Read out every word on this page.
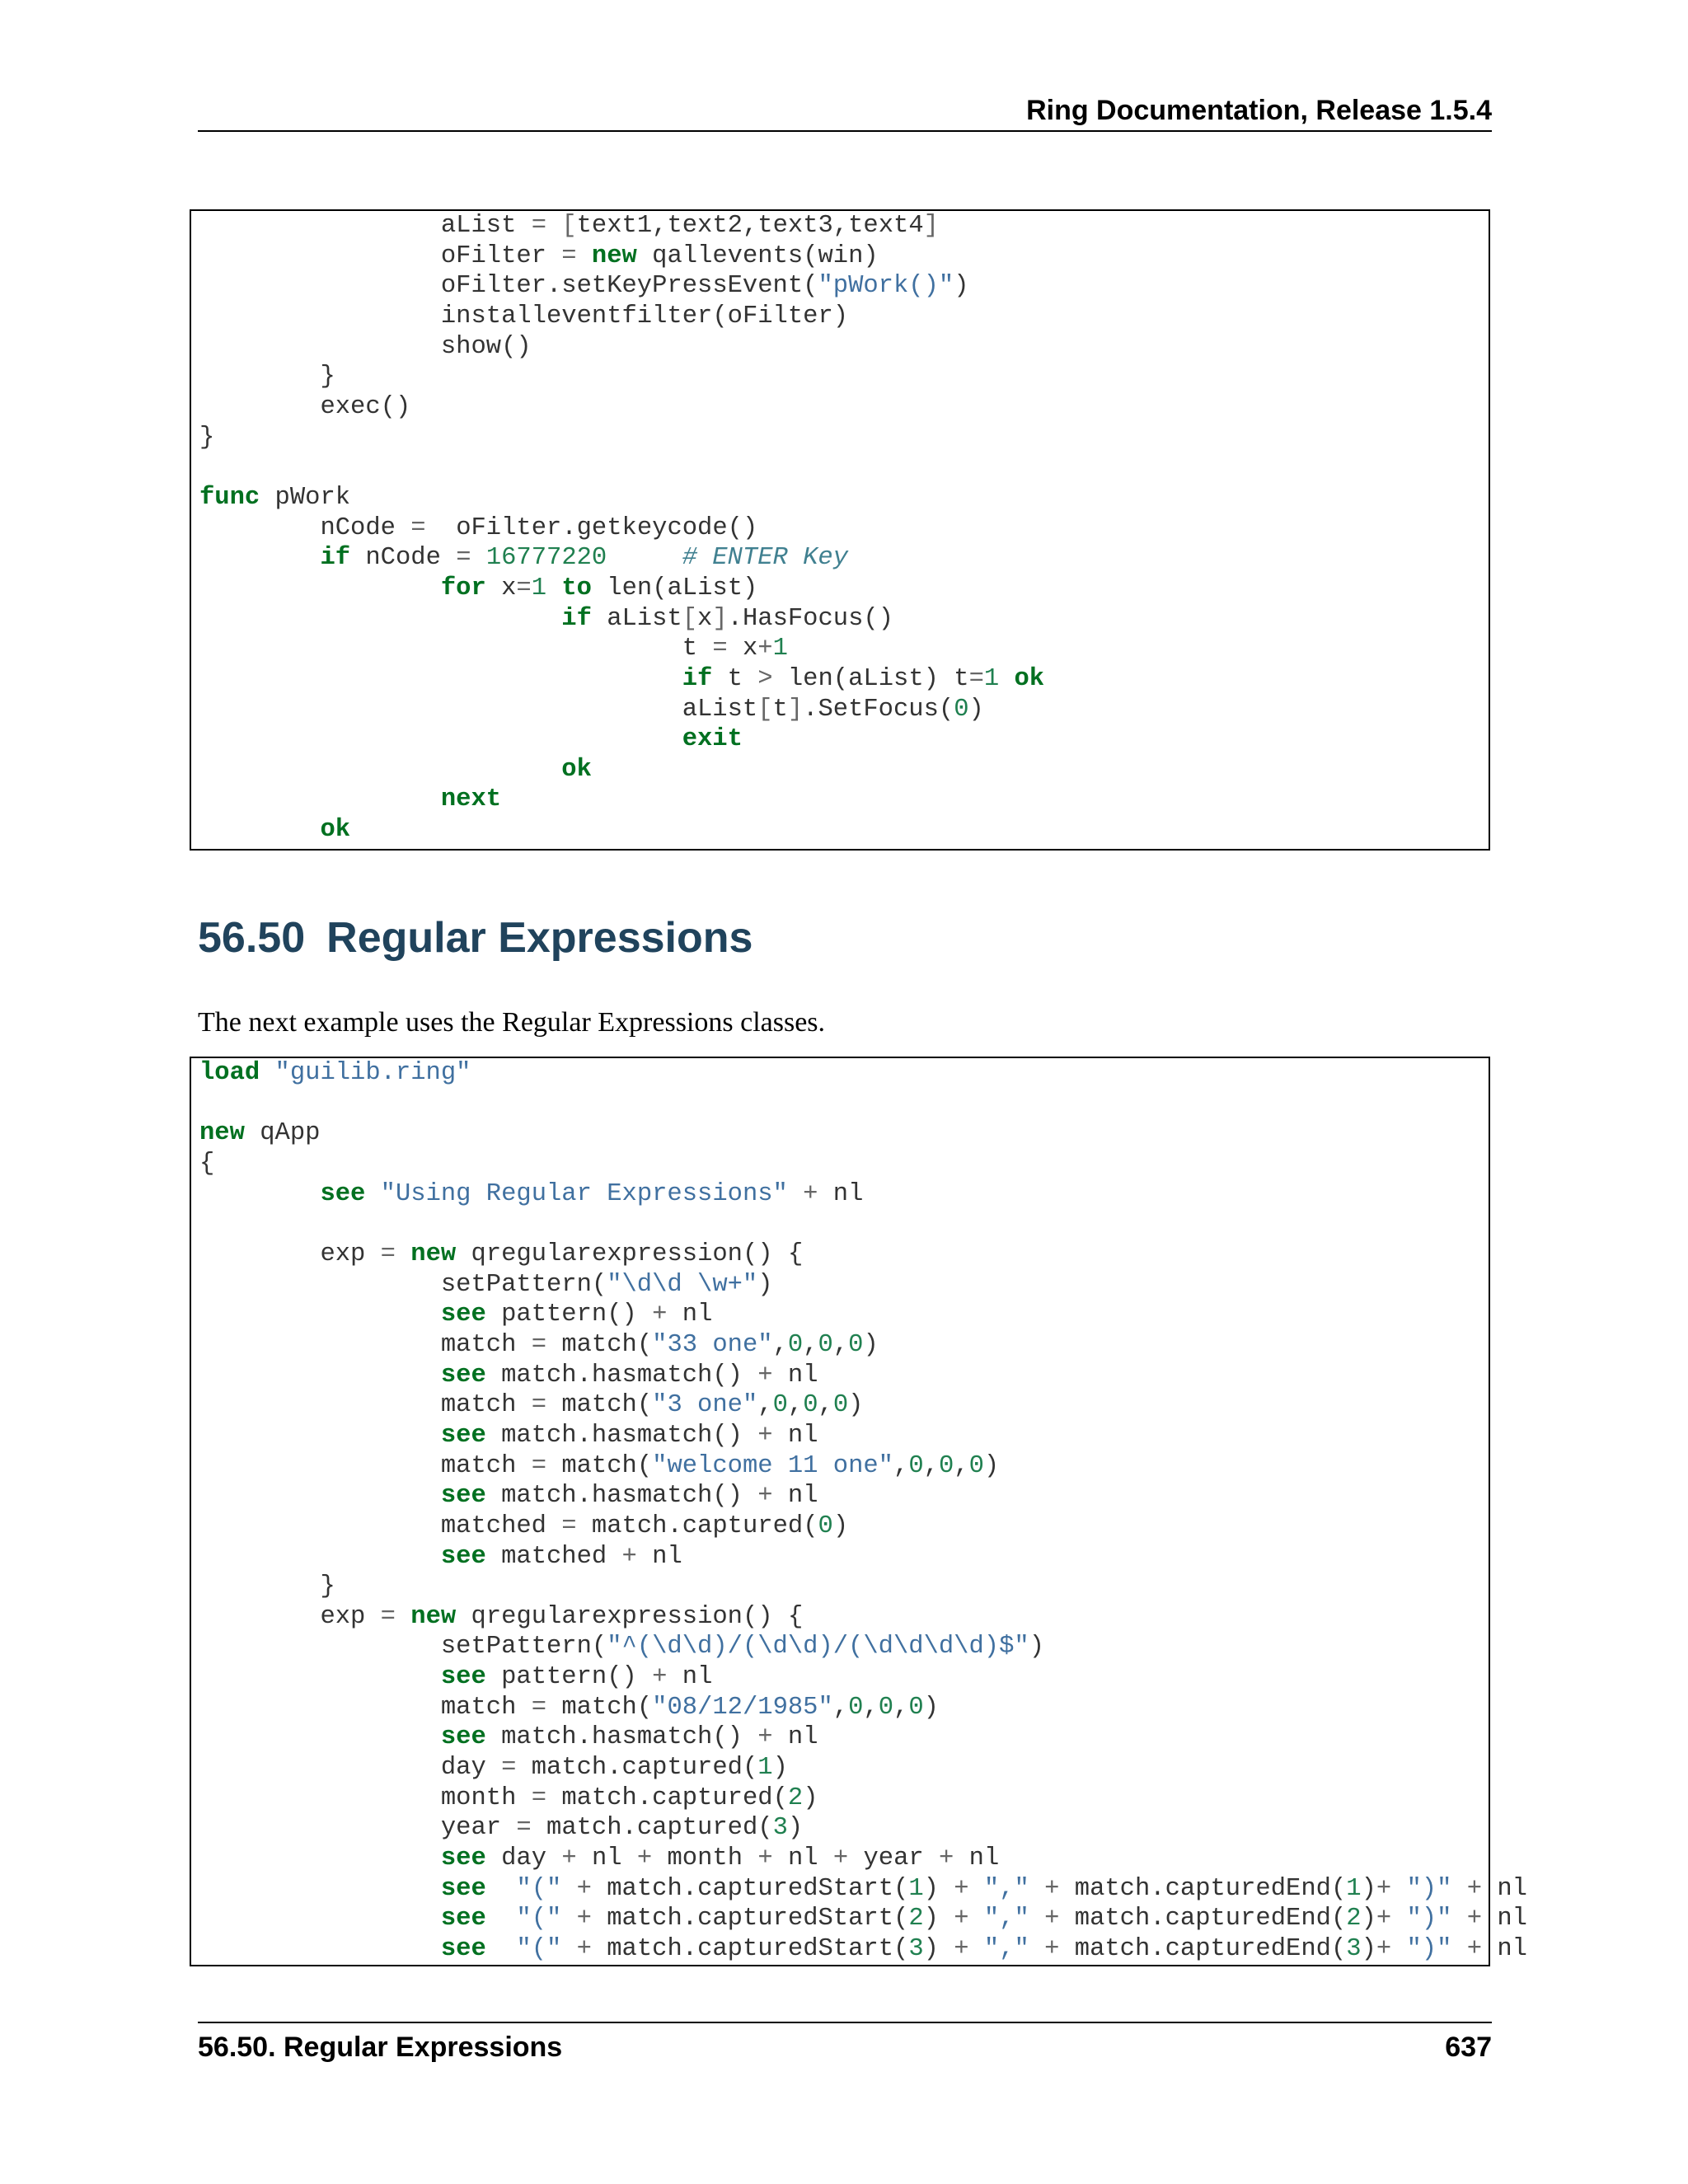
Ring Documentation, Release 1.5.4
		aList = [text1,text2,text3,text4]
		oFilter = new qallevents(win)
		oFilter.setKeyPressEvent("pWork()")
		installeventfilter(oFilter)
		show()
	}
	exec()
}

func pWork
	nCode = oFilter.getkeycode()
	if nCode = 16777220		# ENTER Key
		for x=1 to len(aList)
			if aList[x].HasFocus()
				t = x+1
				if t > len(aList) t=1 ok
				aList[t].SetFocus(0)
				exit
			ok
		next
	ok
56.50 Regular Expressions

The next example uses the Regular Expressions classes.

load "guilib.ring"

new qApp
{
	see "Using Regular Expressions" + nl

	exp = new qregularexpression() {
		setPattern("\d\d \w+")
		see pattern() + nl
		match = match("33 one",0,0,0)
		see match.hasmatch() + nl
		match = match("3 one",0,0,0)
		see match.hasmatch() + nl
		match = match("welcome 11 one",0,0,0)
		see match.hasmatch() + nl
		matched = match.captured(0)
		see matched + nl
	}
	exp = new qregularexpression() {
		setPattern("^(\d\d)/(\d\d)/(\d\d\d\d)$")
		see pattern() + nl
		match = match("08/12/1985",0,0,0)
		see match.hasmatch() + nl
		day = match.captured(1)
		month = match.captured(2)
		year = match.captured(3)
		see day + nl + month + nl + year + nl
		see "(" + match.capturedStart(1) + "," + match.capturedEnd(1)+ ")" + nl
		see "(" + match.capturedStart(2) + "," + match.capturedEnd(2)+ ")" + nl
		see "(" + match.capturedStart(3) + "," + match.capturedEnd(3)+ ")" + nl
56.50. Regular Expressions	637
